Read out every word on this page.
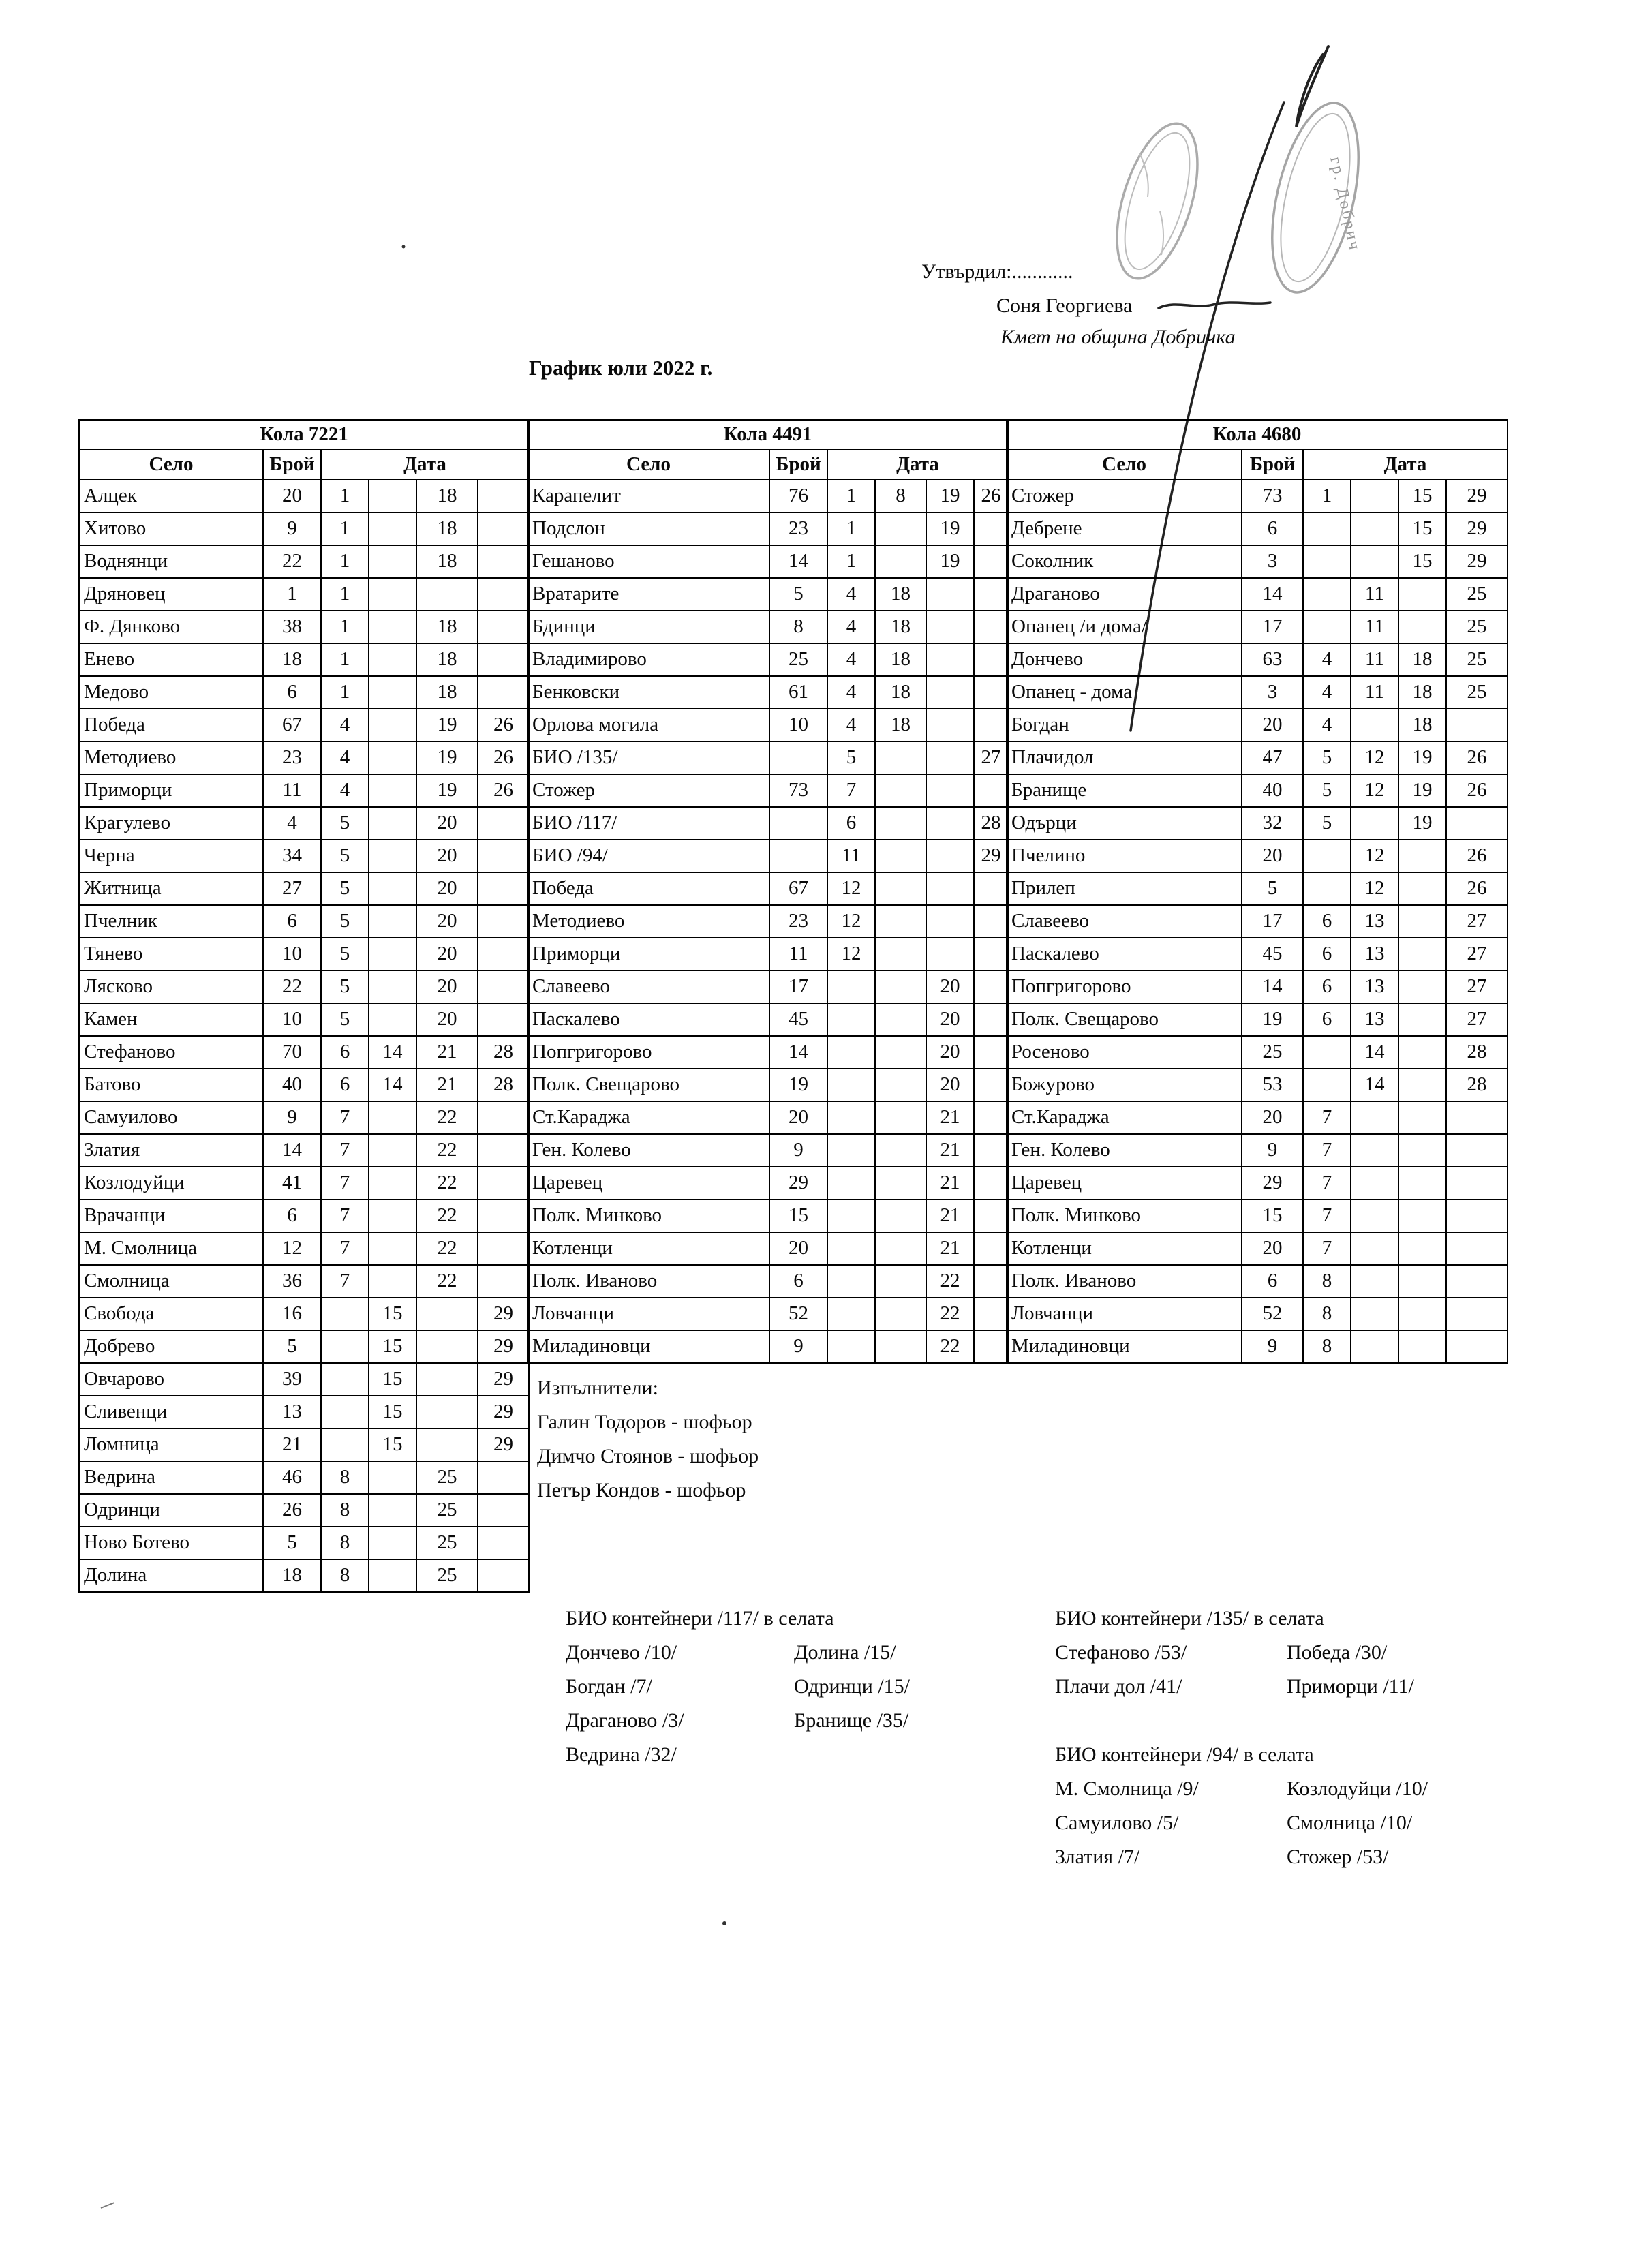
гр. Добрич
Утвърдил:............
Соня Георгиева
Кмет на община Добричка
График юли 2022 г.
Кола 7221					
Село	Брой	Дата			
Алцек	20	1		18	
Хитово	9	1		18	
Воднянци	22	1		18	
Дряновец	1	1			
Ф. Дянково	38	1		18	
Енево	18	1		18	
Медово	6	1		18	
Победа	67	4		19	26
Методиево	23	4		19	26
Приморци	11	4		19	26
Крагулево	4	5		20	
Черна	34	5		20	
Житница	27	5		20	
Пчелник	6	5		20	
Тянево	10	5		20	
Лясково	22	5		20	
Камен	10	5		20	
Стефаново	70	6	14	21	28
Батово	40	6	14	21	28
Самуилово	9	7		22	
Златия	14	7		22	
Козлодуйци	41	7		22	
Врачанци	6	7		22	
М. Смолница	12	7		22	
Смолница	36	7		22	
Свобода	16		15		29
Добрево	5		15		29
Овчарово	39		15		29
Сливенци	13		15		29
Ломница	21		15		29
Ведрина	46	8		25	
Одринци	26	8		25	
Ново Ботево	5	8		25	
Долина	18	8		25	
Кола 4491					
Село	Брой	Дата			
Карапелит	76	1	8	19	26
Подслон	23	1		19	
Гешаново	14	1		19	
Вратарите	5	4	18		
Бдинци	8	4	18		
Владимирово	25	4	18		
Бенковски	61	4	18		
Орлова могила	10	4	18		
БИО /135/		5			27
Стожер	73	7			
БИО /117/		6			28
БИО /94/		11			29
Победа	67	12			
Методиево	23	12			
Приморци	11	12			
Славеево	17			20	
Паскалево	45			20	
Попгригорово	14			20	
Полк. Свещарово	19			20	
Ст.Караджа	20			21	
Ген. Колево	9			21	
Царевец	29			21	
Полк. Минково	15			21	
Котленци	20			21	
Полк. Иваново	6			22	
Ловчанци	52			22	
Миладиновци	9			22	
Кола 4680					
Село	Брой	Дата			
Стожер	73	1		15	29
Дебрене	6			15	29
Соколник	3			15	29
Драганово	14		11		25
Опанец /и дома/	17		11		25
Дончево	63	4	11	18	25
Опанец - дома	3	4	11	18	25
Богдан	20	4		18	
Плачидол	47	5	12	19	26
Бранище	40	5	12	19	26
Одърци	32	5		19	
Пчелино	20		12		26
Прилеп	5		12		26
Славеево	17	6	13		27
Паскалево	45	6	13		27
Попгригорово	14	6	13		27
Полк. Свещарово	19	6	13		27
Росеново	25		14		28
Божурово	53		14		28
Ст.Караджа	20	7			
Ген. Колево	9	7			
Царевец	29	7			
Полк. Минково	15	7			
Котленци	20	7			
Полк. Иваново	6	8			
Ловчанци	52	8			
Миладиновци	9	8			
Изпълнители:
Галин Тодоров - шофьор
Димчо Стоянов - шофьор
Петър Кондов - шофьор
БИО контейнери /117/ в селата
Дончево /10/
Богдан /7/
Драганово /3/
Ведрина /32/
Долина /15/
Одринци /15/
Бранище /35/
БИО контейнери /135/ в селата
Стефаново /53/
Плачи дол /41/
Победа /30/
Приморци /11/
БИО контейнери /94/ в селата
М. Смолница /9/
Самуилово /5/
Златия /7/
Козлодуйци /10/
Смолница /10/
Стожер /53/
